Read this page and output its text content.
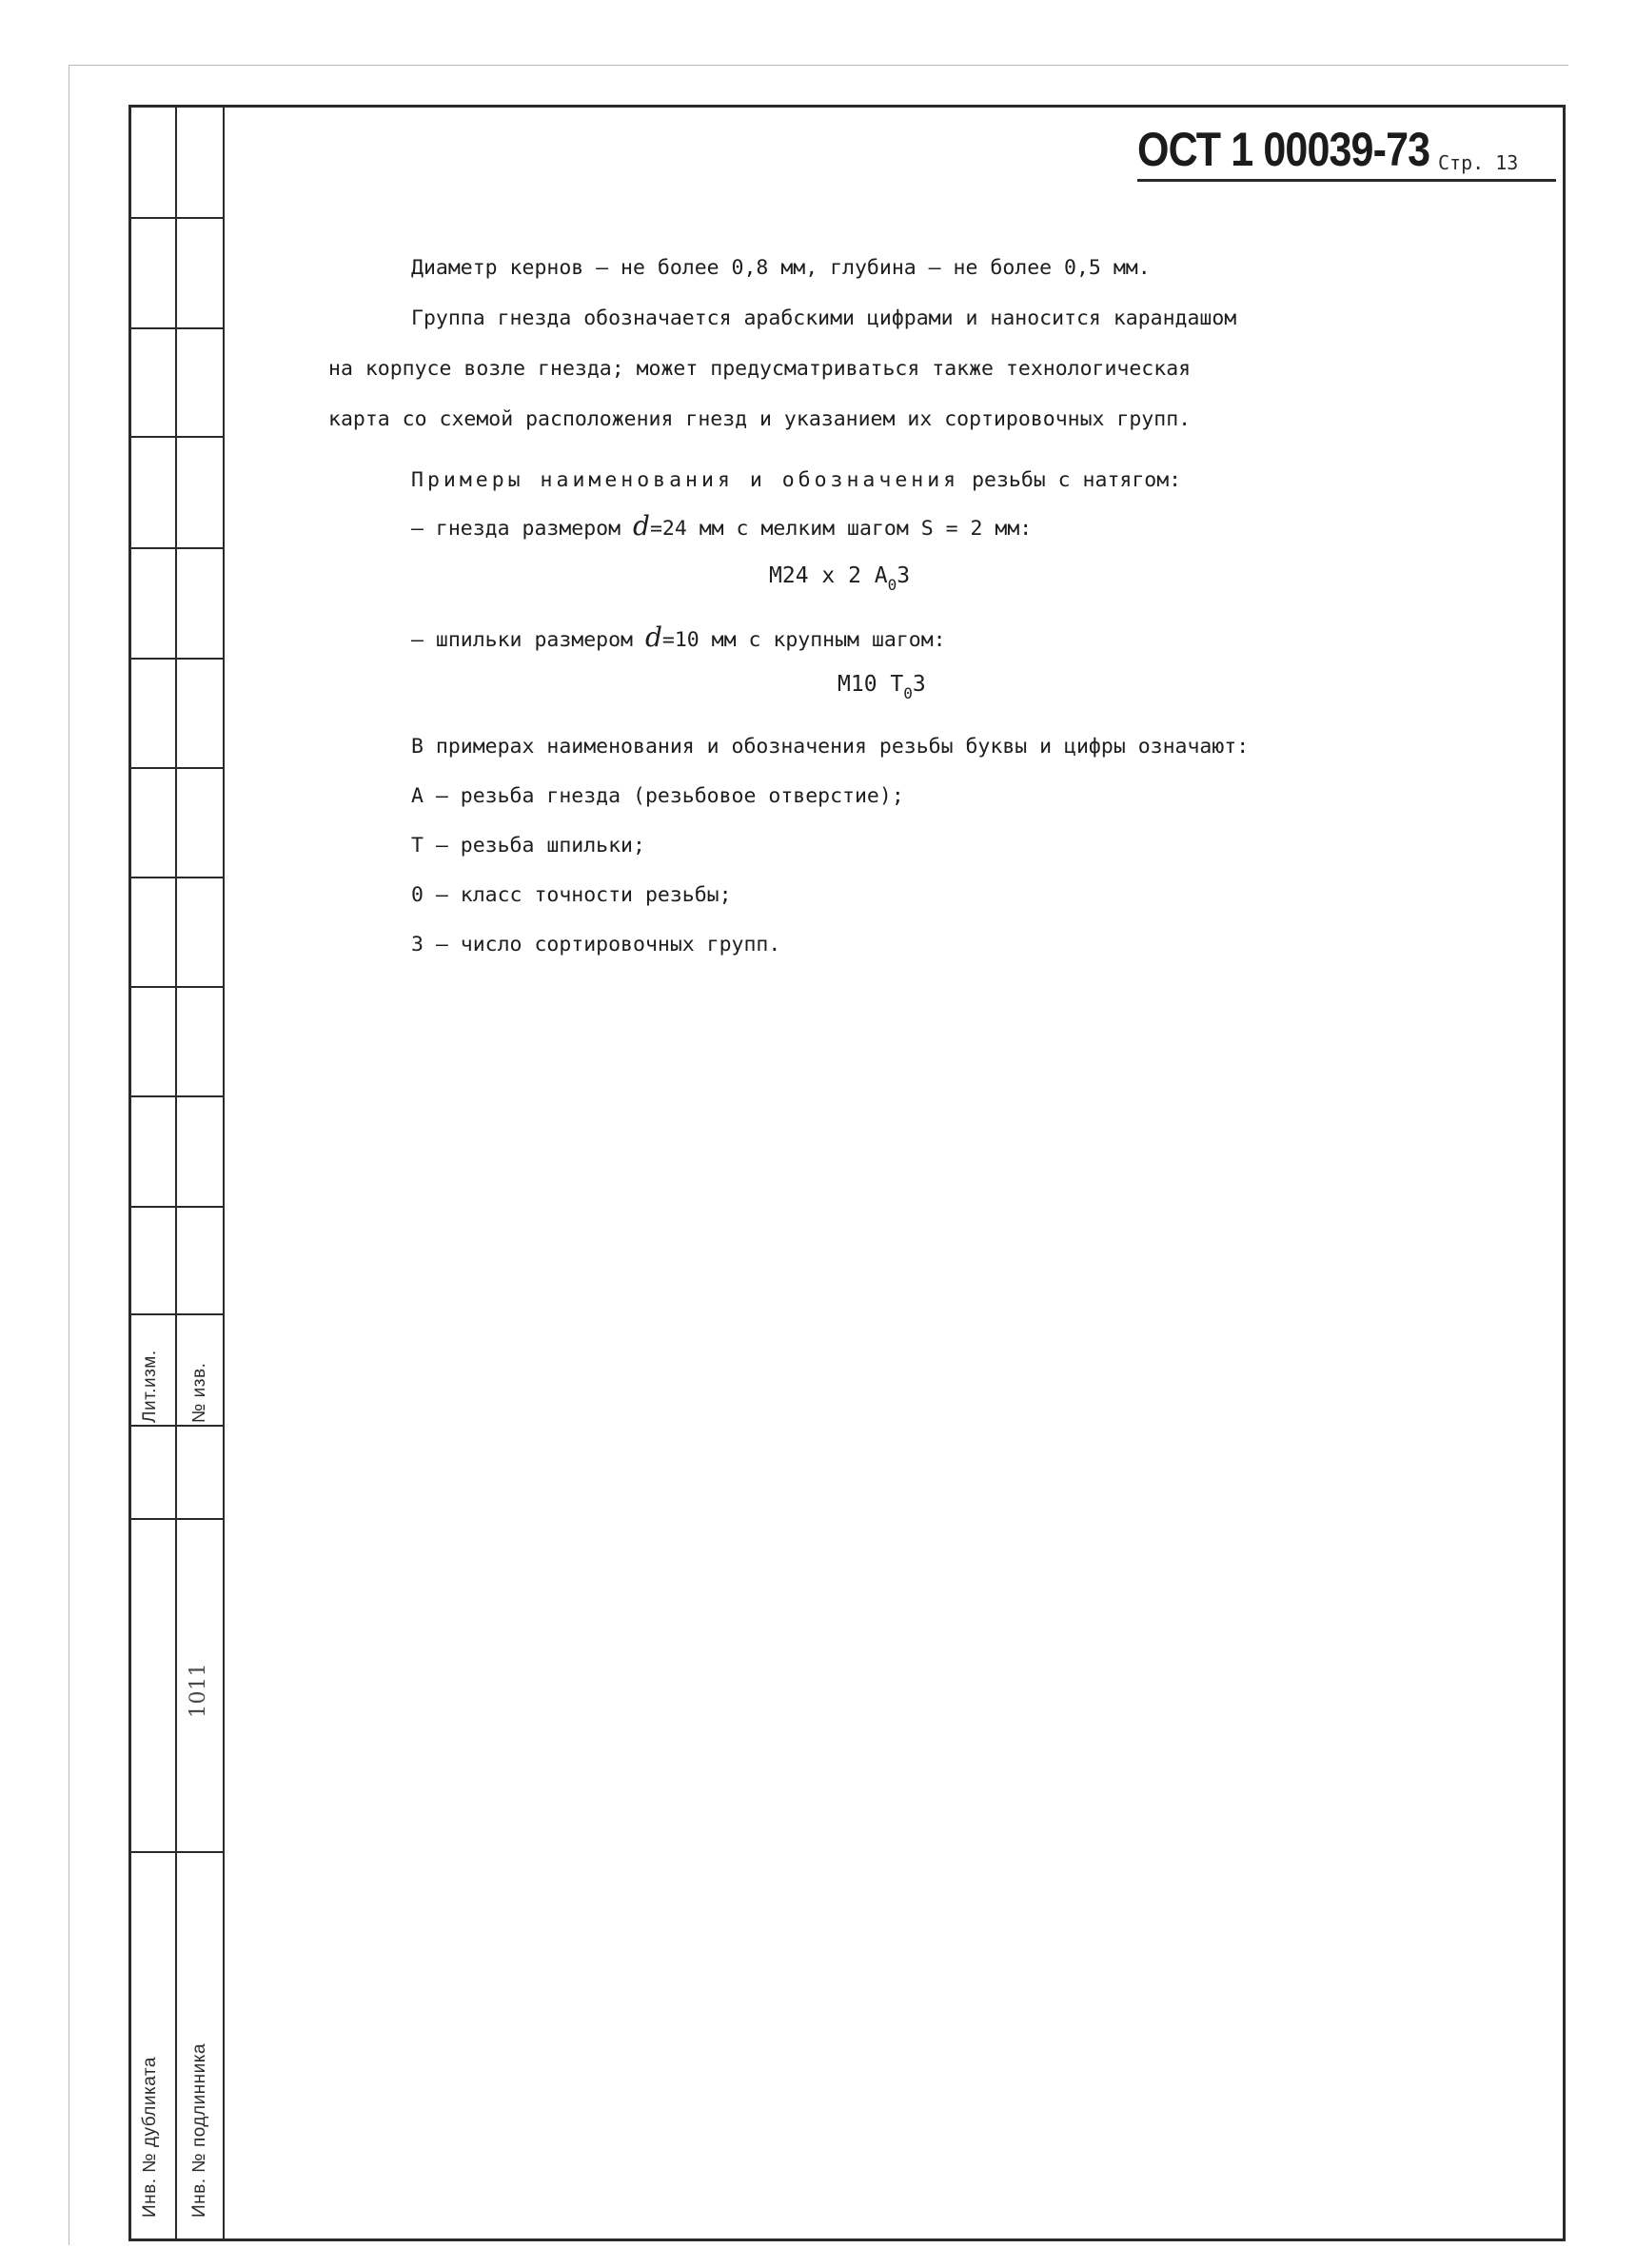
Лит.изм. № изв.
1011
Инв. № дубликата Инв. № подлинника
ОСТ 1 00039-73 Стр. 13
Диаметр кернов – не более 0,8 мм, глубина – не более 0,5 мм.
Группа гнезда обозначается арабскими цифрами и наносится карандашом
на корпусе возле гнезда; может предусматриваться также технологическая
карта со схемой расположения гнезд и указанием их сортировочных групп.
Примеры наименования и обозначения резьбы с натягом:
– гнезда размером d=24 мм с мелким шагом S = 2 мм:
М24 х 2 $А_03$
– шпильки размером d=10 мм с крупным шагом:
М10 $Т_03$
В примерах наименования и обозначения резьбы буквы и цифры означают:
А – резьба гнезда (резьбовое отверстие);
Т – резьба шпильки;
0 – класс точности резьбы;
3 – число сортировочных групп.
